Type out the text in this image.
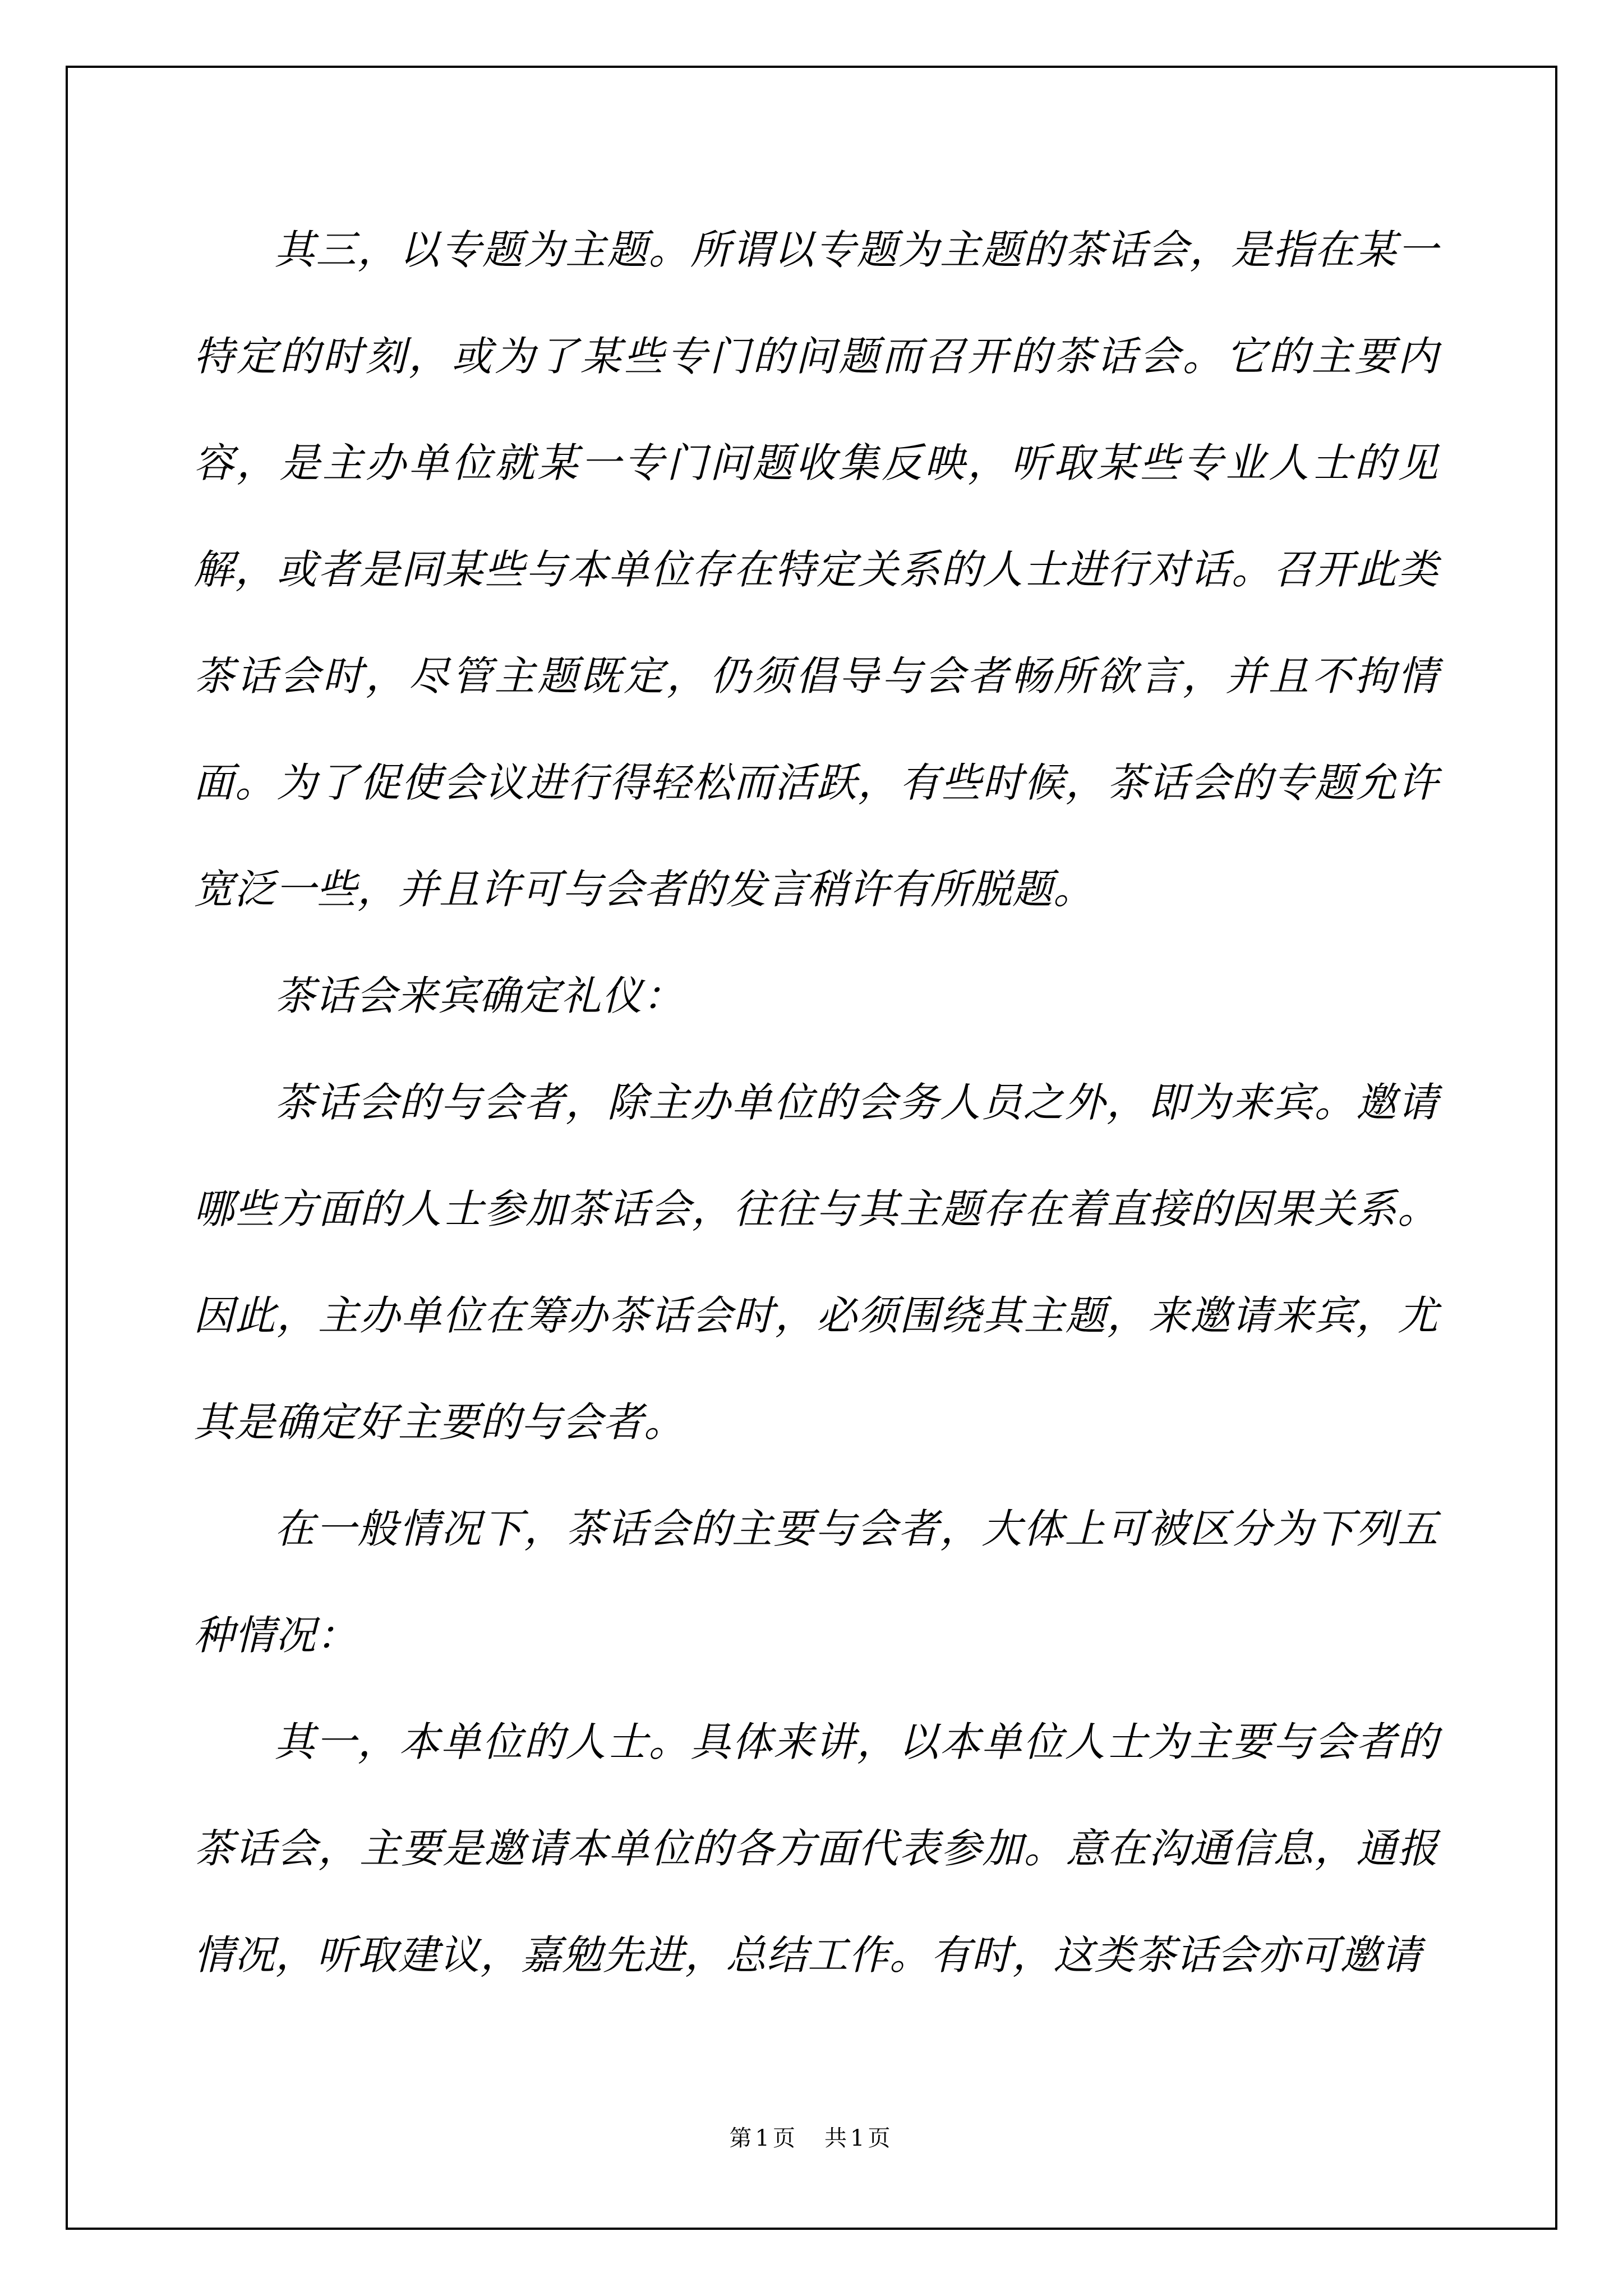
其三，以专题为主题。所谓以专题为主题的茶话会，是指在某一特定的时刻，或为了某些专门的问题而召开的茶话会。它的主要内容，是主办单位就某一专门问题收集反映，听取某些专业人士的见解，或者是同某些与本单位存在特定关系的人士进行对话。召开此类茶话会时，尽管主题既定，仍须倡导与会者畅所欲言，并且不拘情面。为了促使会议进行得轻松而活跃，有些时候，茶话会的专题允许宽泛一些，并且许可与会者的发言稍许有所脱题。

茶话会来宾确定礼仪：

茶话会的与会者，除主办单位的会务人员之外，即为来宾。邀请哪些方面的人士参加茶话会，往往与其主题存在着直接的因果关系。因此，主办单位在筹办茶话会时，必须围绕其主题，来邀请来宾，尤其是确定好主要的与会者。

在一般情况下，茶话会的主要与会者，大体上可被区分为下列五种情况：

其一，本单位的人士。具体来讲，以本单位人士为主要与会者的茶话会，主要是邀请本单位的各方面代表参加。意在沟通信息，通报情况，听取建议，嘉勉先进，总结工作。有时，这类茶话会亦可邀请

第1页　共1页
